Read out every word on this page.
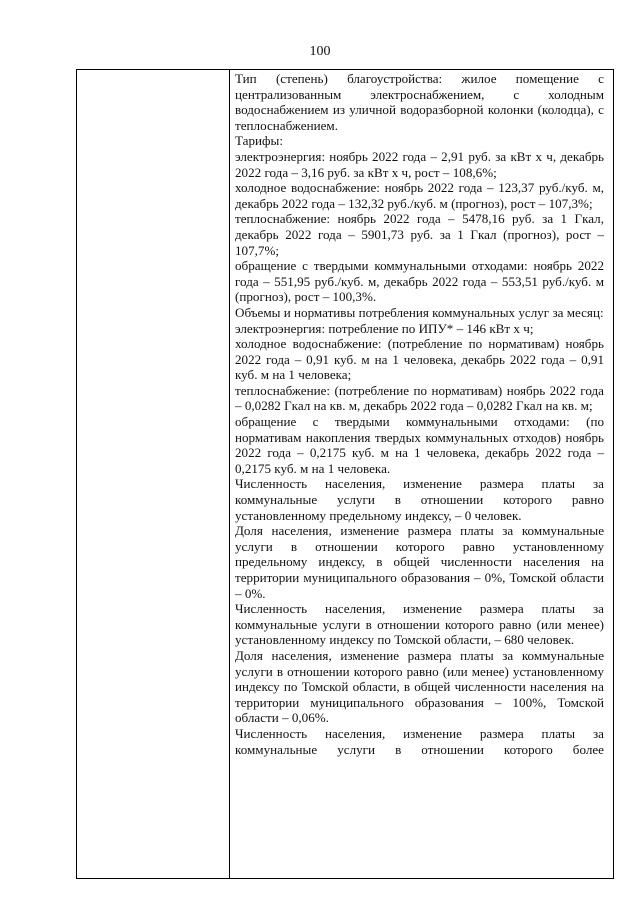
100

Тип (степень) благоустройства: жилое помещение с централизованным электроснабжением, с холодным водоснабжением из уличной водоразборной колонки (колодца), с теплоснабжением.

Тарифы:

электроэнергия: ноябрь 2022 года – 2,91 руб. за кВт х ч, декабрь 2022 года – 3,16 руб. за кВт х ч, рост – 108,6%;

холодное водоснабжение: ноябрь 2022 года – 123,37 руб./куб. м, декабрь 2022 года – 132,32 руб./куб. м (прогноз), рост – 107,3%;

теплоснабжение: ноябрь 2022 года – 5478,16 руб. за 1 Гкал, декабрь 2022 года – 5901,73 руб. за 1 Гкал (прогноз), рост – 107,7%;

обращение с твердыми коммунальными отходами: ноябрь 2022 года – 551,95 руб./куб. м, декабрь 2022 года – 553,51 руб./куб. м (прогноз), рост – 100,3%.

Объемы и нормативы потребления коммунальных услуг за месяц:

электроэнергия: потребление по ИПУ* – 146 кВт х ч;

холодное водоснабжение: (потребление по нормативам) ноябрь 2022 года – 0,91 куб. м на 1 человека, декабрь 2022 года – 0,91 куб. м на 1 человека;

теплоснабжение: (потребление по нормативам) ноябрь 2022 года – 0,0282 Гкал на кв. м, декабрь 2022 года – 0,0282 Гкал на кв. м;

обращение с твердыми коммунальными отходами: (по нормативам накопления твердых коммунальных отходов) ноябрь 2022 года – 0,2175 куб. м на 1 человека, декабрь 2022 года – 0,2175 куб. м на 1 человека.

Численность населения, изменение размера платы за коммунальные услуги в отношении которого равно установленному предельному индексу, – 0 человек.

Доля населения, изменение размера платы за коммунальные услуги в отношении которого равно установленному предельному индексу, в общей численности населения на территории муниципального образования – 0%, Томской области – 0%.

Численность населения, изменение размера платы за коммунальные услуги в отношении которого равно (или менее) установленному индексу по Томской области, – 680 человек.

Доля населения, изменение размера платы за коммунальные услуги в отношении которого равно (или менее) установленному индексу по Томской области, в общей численности населения на территории муниципального образования – 100%, Томской области – 0,06%.

Численность населения, изменение размера платы за коммунальные услуги в отношении которого более
